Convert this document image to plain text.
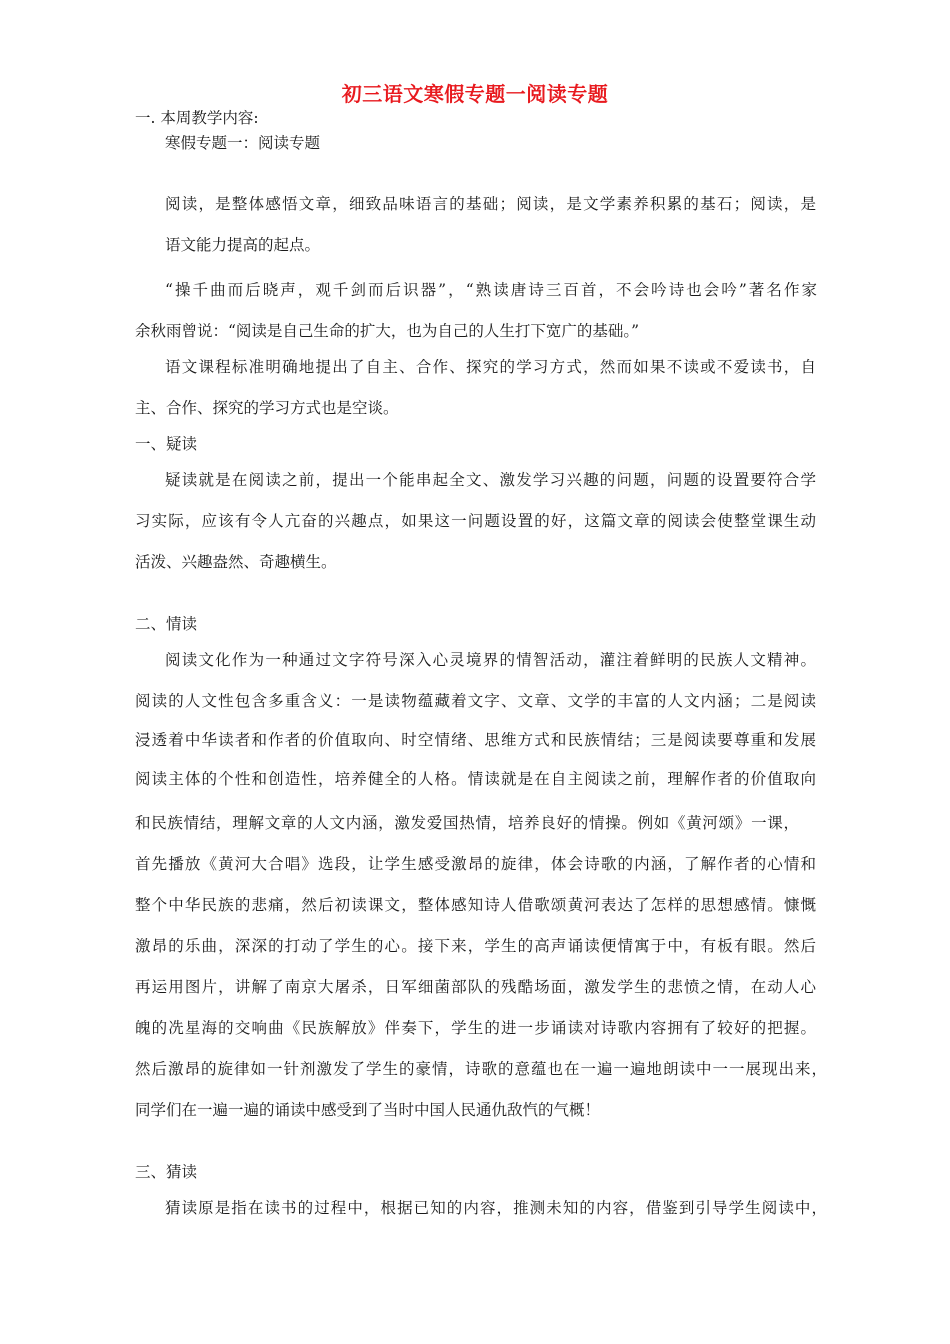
初三语文寒假专题一阅读专题
一. 本周教学内容:
寒假专题一：阅读专题
阅读，是整体感悟文章，细致品味语言的基础；阅读，是文学素养积累的基石；阅读，是
语文能力提高的起点。
“操千曲而后晓声，观千剑而后识器”，“熟读唐诗三百首，不会吟诗也会吟”著名作家
余秋雨曾说：“阅读是自己生命的扩大，也为自己的人生打下宽广的基础。”
语文课程标准明确地提出了自主、合作、探究的学习方式，然而如果不读或不爱读书，自
主、合作、探究的学习方式也是空谈。
一、疑读
疑读就是在阅读之前，提出一个能串起全文、激发学习兴趣的问题，问题的设置要符合学
习实际，应该有令人亢奋的兴趣点，如果这一问题设置的好，这篇文章的阅读会使整堂课生动
活泼、兴趣盎然、奇趣横生。
二、情读
阅读文化作为一种通过文字符号深入心灵境界的情智活动，灌注着鲜明的民族人文精神。
阅读的人文性包含多重含义：一是读物蕴藏着文字、文章、文学的丰富的人文内涵；二是阅读
浸透着中华读者和作者的价值取向、时空情绪、思维方式和民族情结；三是阅读要尊重和发展
阅读主体的个性和创造性，培养健全的人格。情读就是在自主阅读之前，理解作者的价值取向
和民族情结，理解文章的人文内涵，激发爱国热情，培养良好的情操。例如《黄河颂》一课，
首先播放《黄河大合唱》选段，让学生感受激昂的旋律，体会诗歌的内涵，了解作者的心情和
整个中华民族的悲痛，然后初读课文，整体感知诗人借歌颂黄河表达了怎样的思想感情。慷慨
激昂的乐曲，深深的打动了学生的心。接下来，学生的高声诵读便情寓于中，有板有眼。然后
再运用图片，讲解了南京大屠杀，日军细菌部队的残酷场面，激发学生的悲愤之情，在动人心
魄的冼星海的交响曲《民族解放》伴奏下，学生的进一步诵读对诗歌内容拥有了较好的把握。
然后激昂的旋律如一针剂激发了学生的豪情，诗歌的意蕴也在一遍一遍地朗读中一一展现出来，
同学们在一遍一遍的诵读中感受到了当时中国人民通仇敌忾的气概！
三、猜读
猜读原是指在读书的过程中，根据已知的内容，推测未知的内容，借鉴到引导学生阅读中，
